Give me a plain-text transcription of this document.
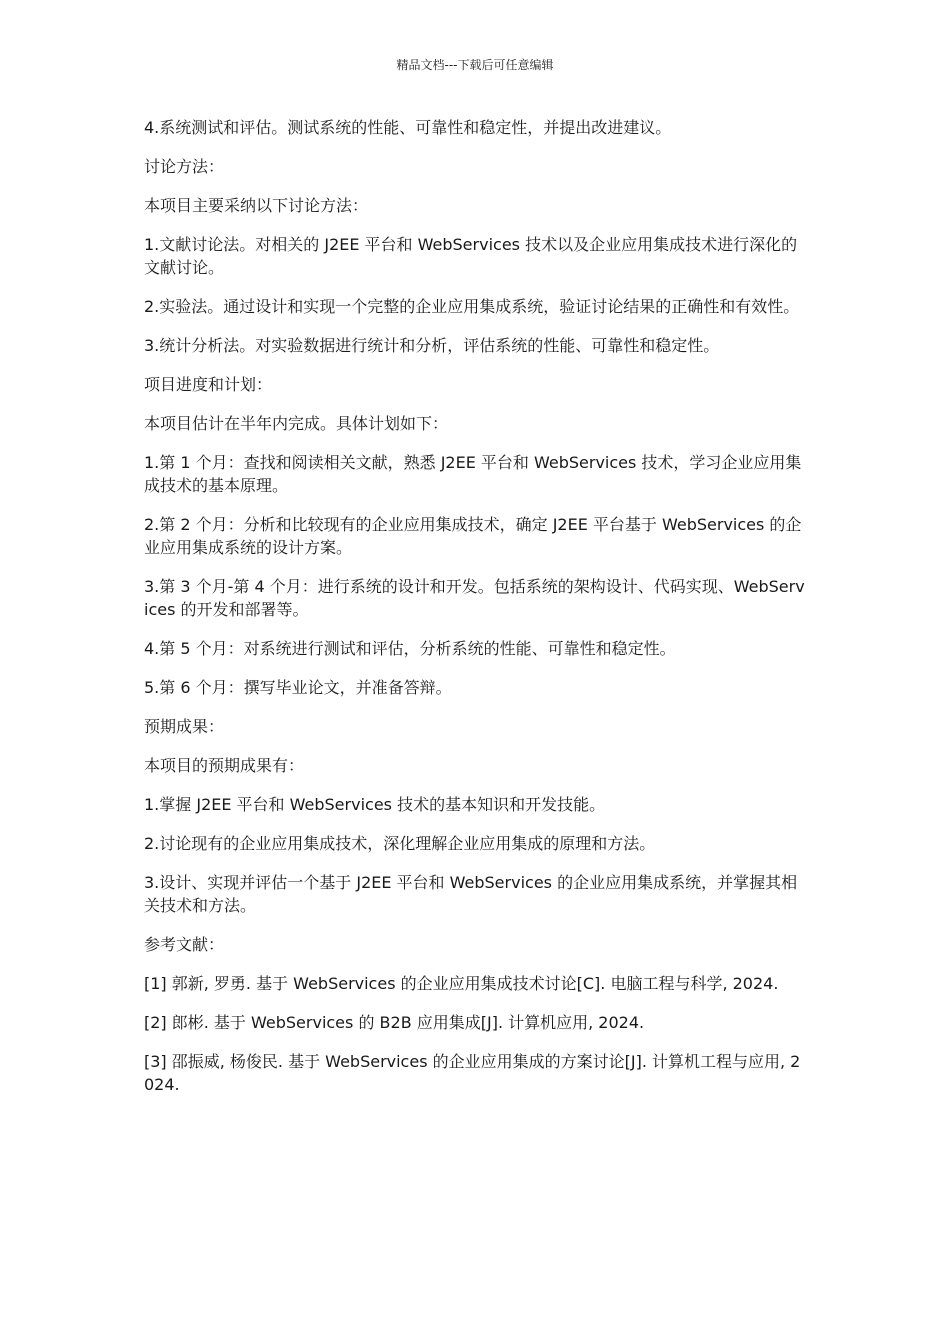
精品文档---下载后可任意编辑

4.系统测试和评估。测试系统的性能、可靠性和稳定性，并提出改进建议。

讨论方法：

本项目主要采纳以下讨论方法：

1.文献讨论法。对相关的 J2EE 平台和 WebServices 技术以及企业应用集成技术进行深化的文献讨论。

2.实验法。通过设计和实现一个完整的企业应用集成系统，验证讨论结果的正确性和有效性。

3.统计分析法。对实验数据进行统计和分析，评估系统的性能、可靠性和稳定性。

项目进度和计划：

本项目估计在半年内完成。具体计划如下：

1.第 1 个月：查找和阅读相关文献，熟悉 J2EE 平台和 WebServices 技术，学习企业应用集成技术的基本原理。

2.第 2 个月：分析和比较现有的企业应用集成技术，确定 J2EE 平台基于 WebServices 的企业应用集成系统的设计方案。

3.第 3 个月-第 4 个月：进行系统的设计和开发。包括系统的架构设计、代码实现、WebServices 的开发和部署等。

4.第 5 个月：对系统进行测试和评估，分析系统的性能、可靠性和稳定性。

5.第 6 个月：撰写毕业论文，并准备答辩。

预期成果：

本项目的预期成果有：

1.掌握 J2EE 平台和 WebServices 技术的基本知识和开发技能。

2.讨论现有的企业应用集成技术，深化理解企业应用集成的原理和方法。

3.设计、实现并评估一个基于 J2EE 平台和 WebServices 的企业应用集成系统，并掌握其相关技术和方法。

参考文献：

[1] 郭新, 罗勇. 基于 WebServices 的企业应用集成技术讨论[C]. 电脑工程与科学, 2024.

[2] 郎彬. 基于 WebServices 的 B2B 应用集成[J]. 计算机应用, 2024.

[3] 邵振威, 杨俊民. 基于 WebServices 的企业应用集成的方案讨论[J]. 计算机工程与应用, 2024.
